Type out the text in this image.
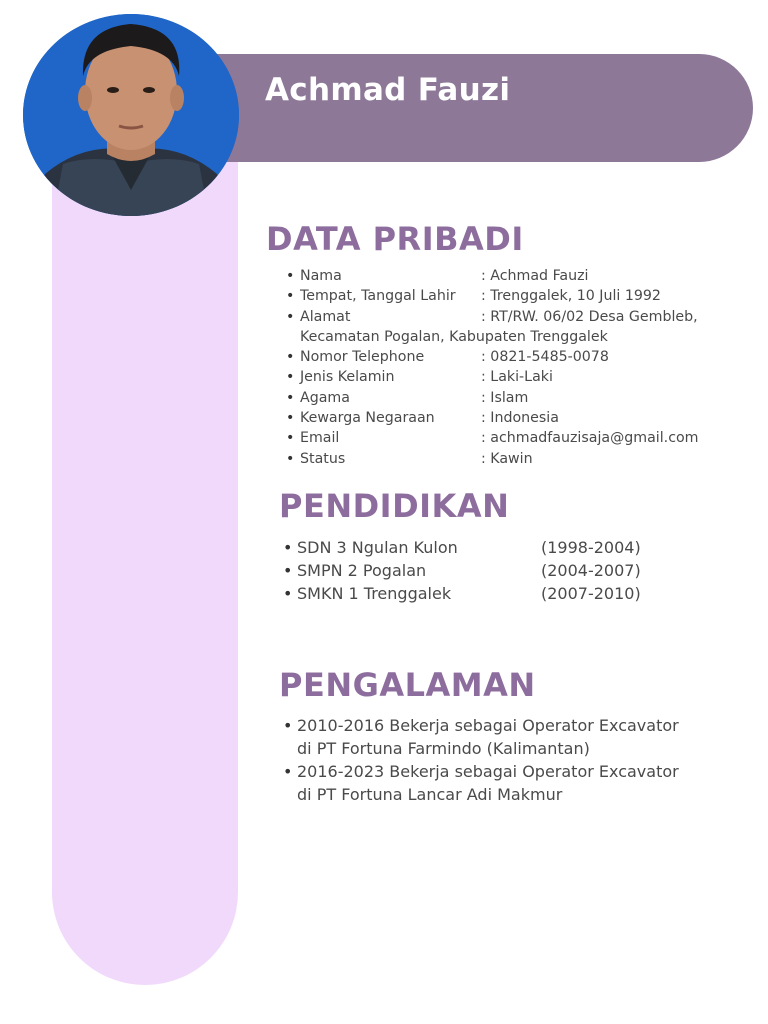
Achmad Fauzi
DATA PRIBADI
• Nama	: Achmad Fauzi
• Tempat, Tanggal Lahir : Trenggalek, 10 Juli 1992
• Alamat	: RT/RW. 06/02 Desa Gembleb,
Kecamatan Pogalan, Kabupaten Trenggalek
• Nomor Telephone	: 0821-5485-0078
• Jenis Kelamin	: Laki-Laki
• Agama	: Islam
• Kewarga Negaraan	: Indonesia
• Email	: achmadfauzisaja@gmail.com
• Status	: Kawin
PENDIDIKAN
• SDN 3 Ngulan Kulon	(1998-2004)
• SMPN 2 Pogalan	(2004-2007)
• SMKN 1 Trenggalek	(2007-2010)
PENGALAMAN
• 2010-2016 Bekerja sebagai Operator Excavator
di PT Fortuna Farmindo (Kalimantan)
• 2016-2023 Bekerja sebagai Operator Excavator
di PT Fortuna Lancar Adi Makmur
